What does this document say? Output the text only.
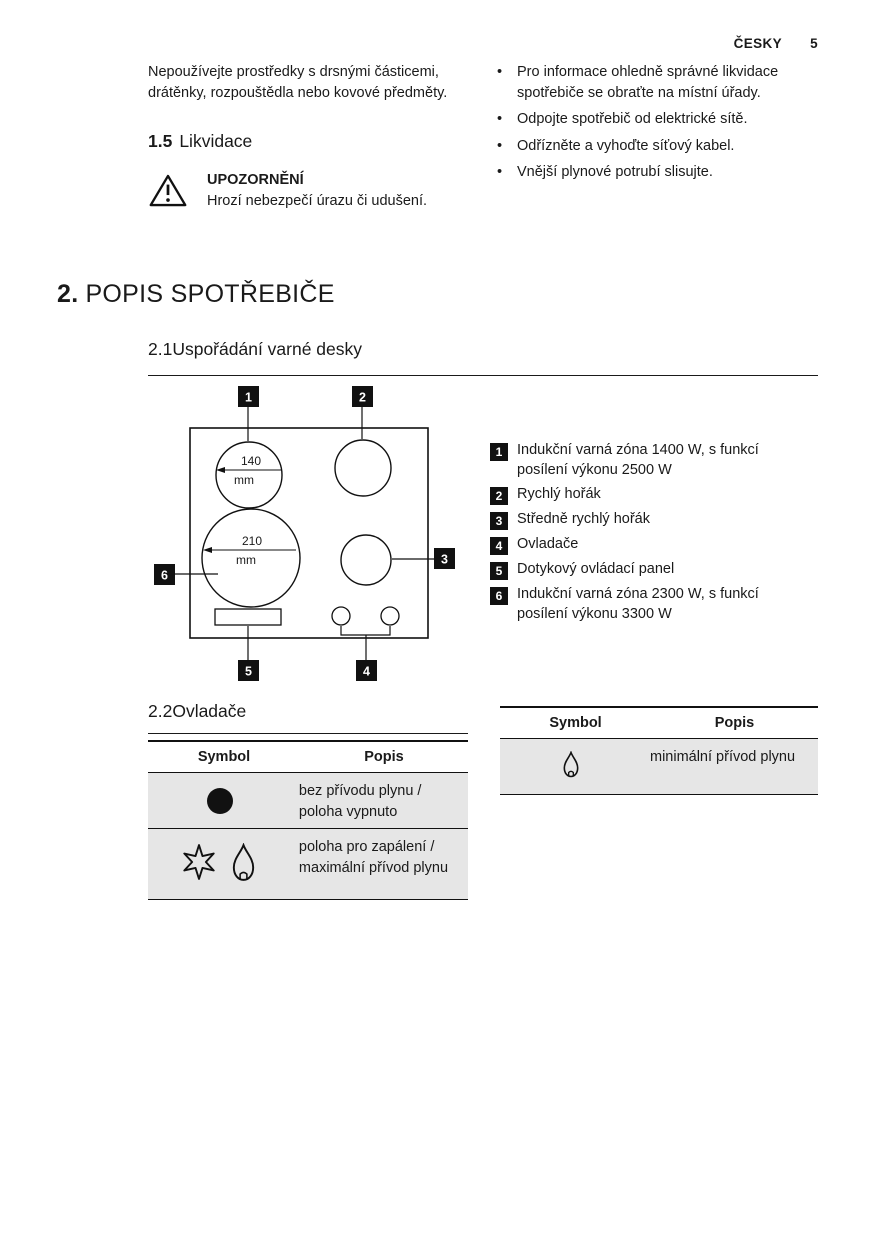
ČESKY 5
Nepoužívejte prostředky s drsnými částicemi, drátěnky, rozpouštědla nebo kovové předměty.
1.5 Likvidace
UPOZORNĚNÍ
Hrozí nebezpečí úrazu či udušení.
•	Pro informace ohledně správné likvidace spotřebiče se obraťte na místní úřady.
•	Odpojte spotřebič od elektrické sítě.
•	Odřízněte a vyhoďte síťový kabel.
•	Vnější plynové potrubí slisujte.
2. POPIS SPOTŘEBIČE
2.1Uspořádání varné desky
140
mm
210
mm
1	2
3
6
5	4
1	Indukční varná zóna 1400 W, s funkcí posílení výkonu 2500 W
2	Rychlý hořák
3	Středně rychlý hořák
4	Ovladače
5	Dotykový ovládací panel
6	Indukční varná zóna 2300 W, s funkcí posílení výkonu 3300 W
2.2Ovladače
Symbol	Popis
bez přívodu plynu / poloha vypnuto
poloha pro zapálení / maximální přívod plynu
Symbol	Popis
minimální přívod plynu
